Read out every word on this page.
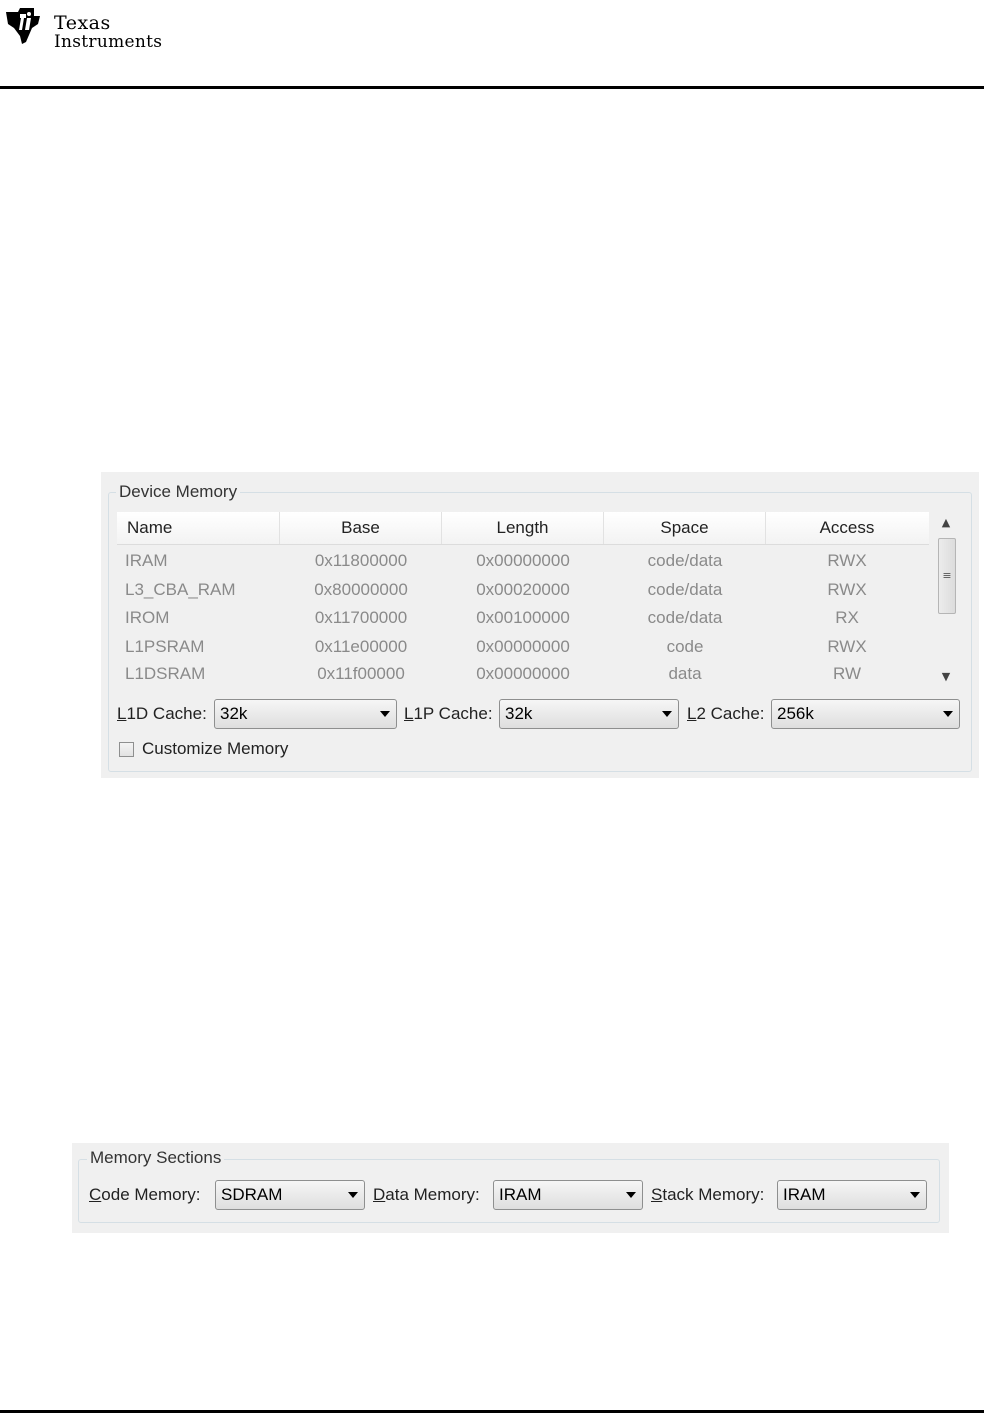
Texas
Instruments
Device Memory
Name	Base	Length	Space	Access
IRAM	0x11800000	0x00000000	code/data	RWX
L3_CBA_RAM	0x80000000	0x00020000	code/data	RWX
IROM	0x11700000	0x00100000	code/data	RX
L1PSRAM	0x11e00000	0x00000000	code	RWX
L1DSRAM	0x11f00000	0x00000000	data	RW
▲
≡
▼
L1D Cache: 32k	L1P Cache: 32k	L2 Cache: 256k
Customize Memory
Memory Sections
Code Memory: SDRAM	Data Memory: IRAM	Stack Memory: IRAM
